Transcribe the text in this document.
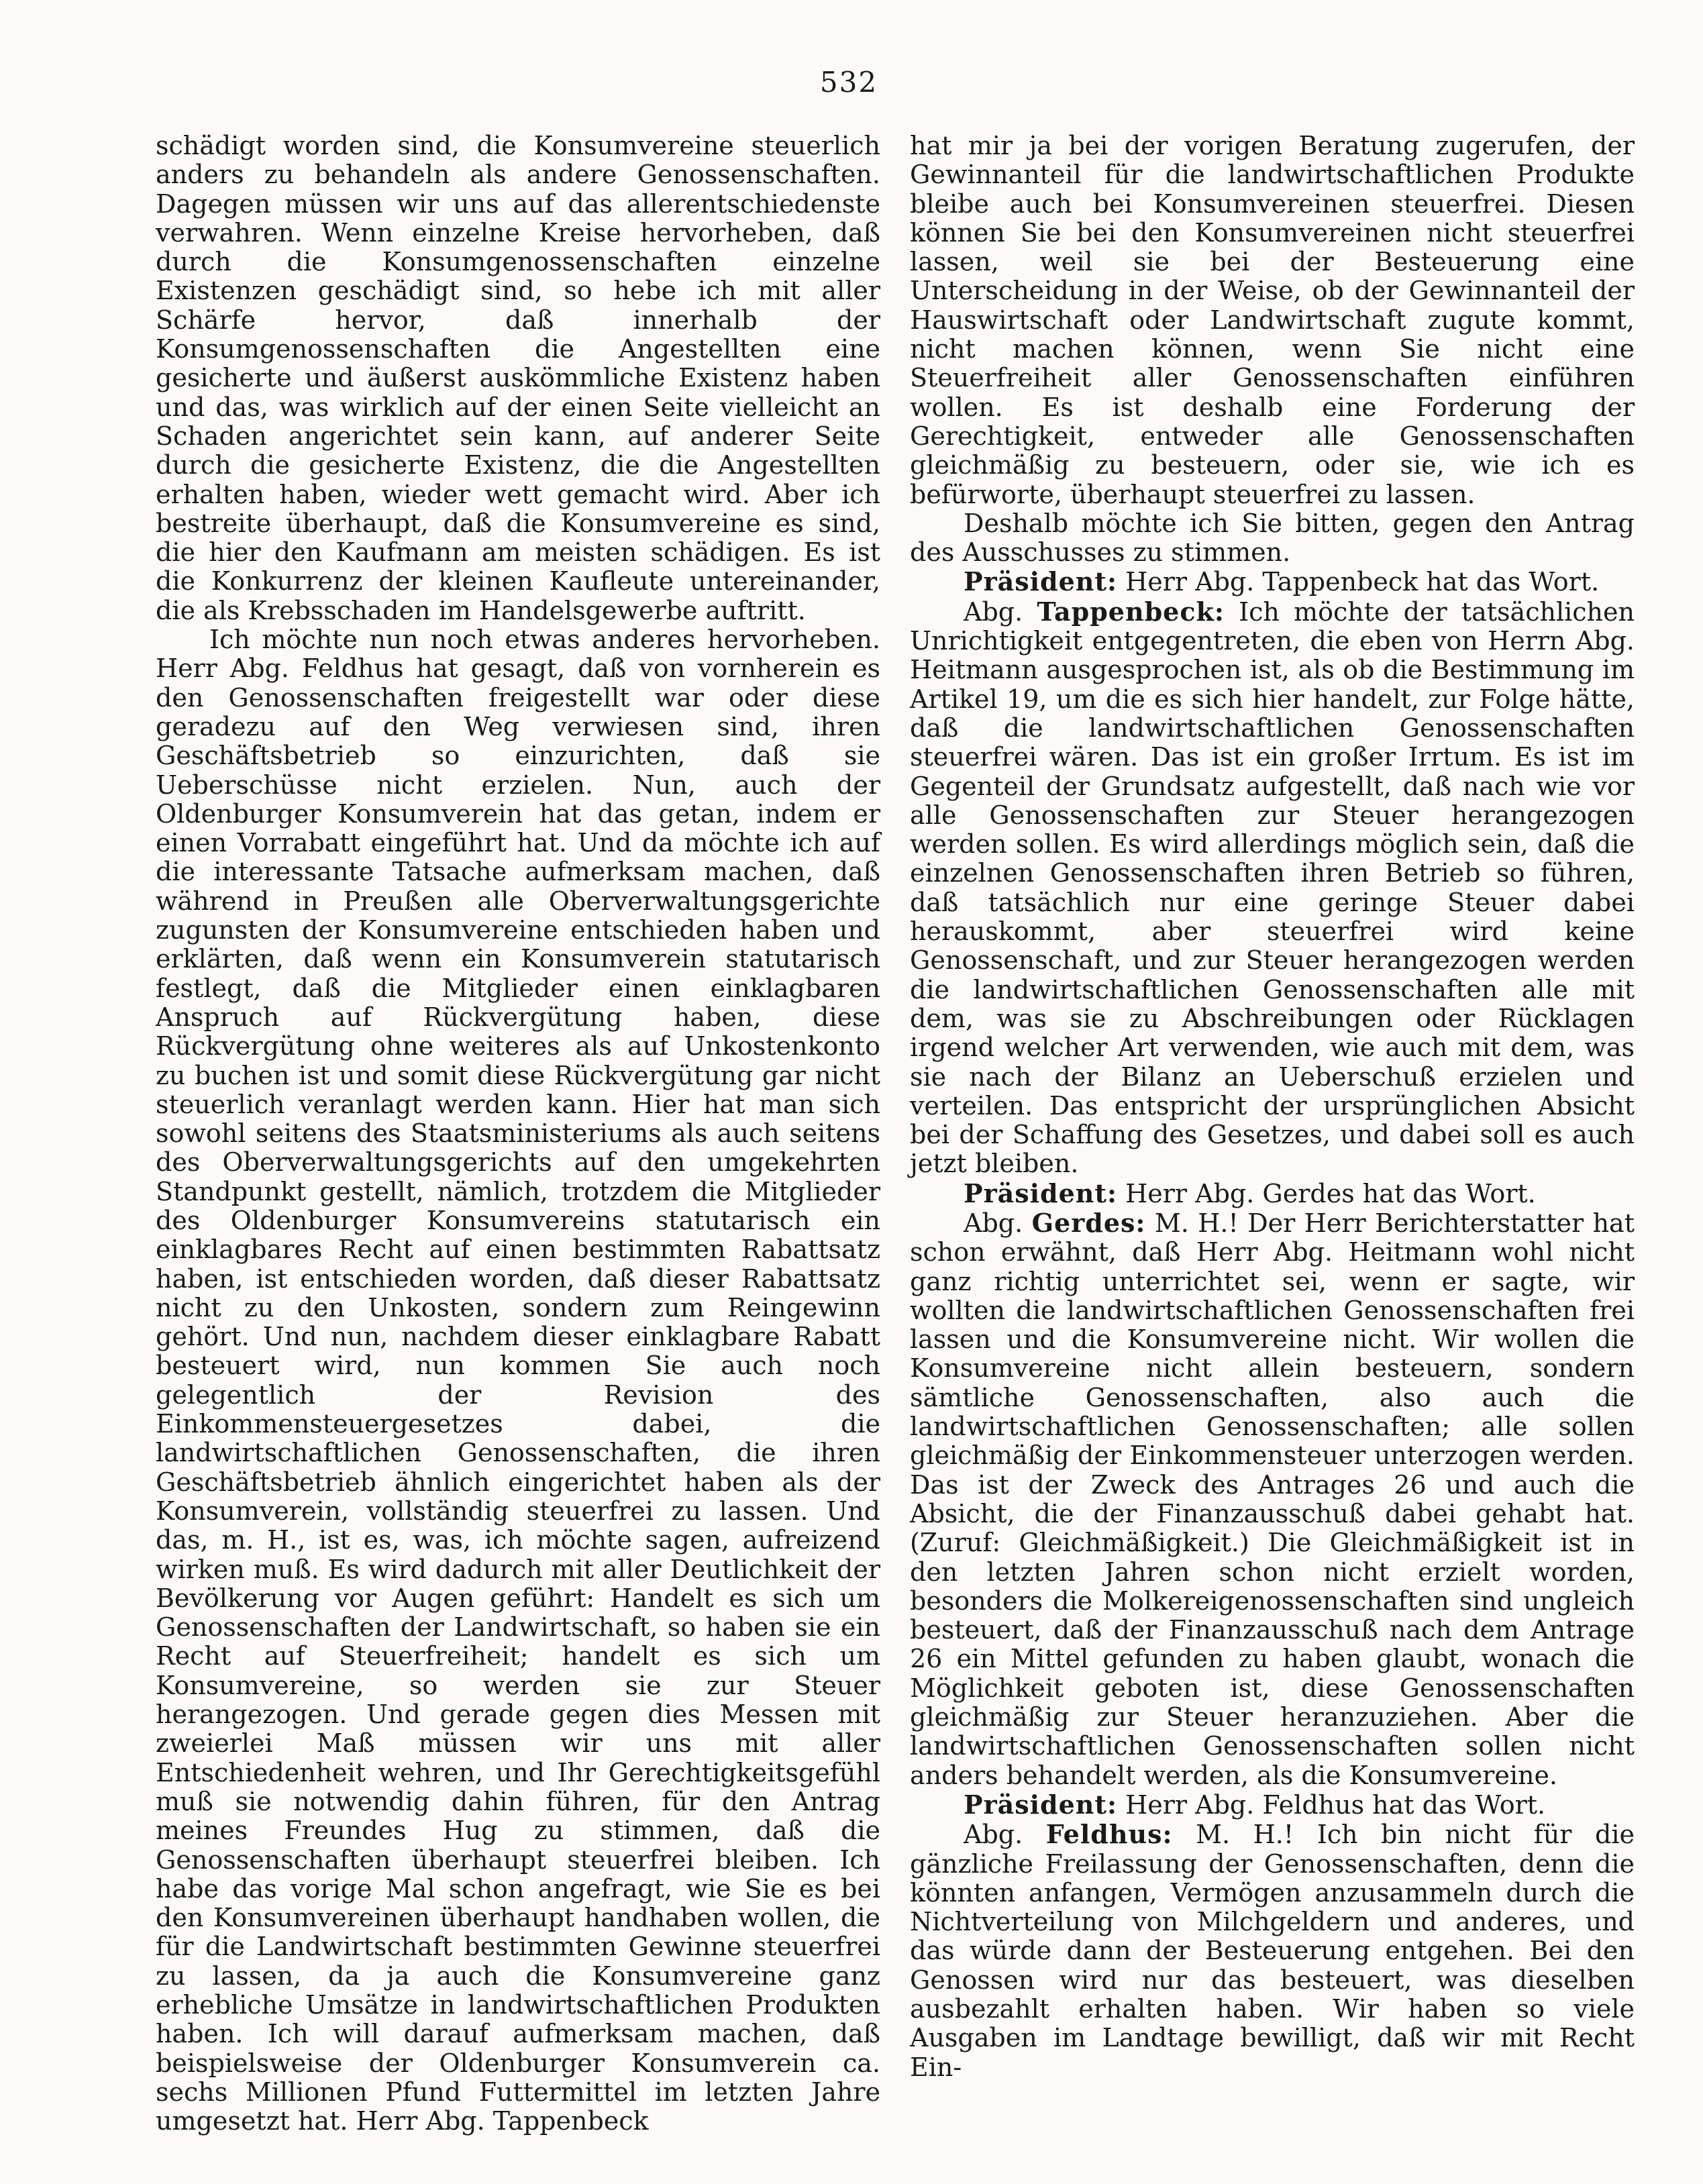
532

schädigt worden sind, die Konsumvereine steuerlich anders zu behandeln als andere Genossenschaften. Dagegen müssen wir uns auf das allerentschiedenste verwahren. Wenn einzelne Kreise hervorheben, daß durch die Konsumgenossenschaften einzelne Existenzen geschädigt sind, so hebe ich mit aller Schärfe hervor, daß innerhalb der Konsumgenossenschaften die Angestellten eine gesicherte und äußerst auskömmliche Existenz haben und das, was wirklich auf der einen Seite vielleicht an Schaden angerichtet sein kann, auf anderer Seite durch die gesicherte Existenz, die die Angestellten erhalten haben, wieder wett gemacht wird. Aber ich bestreite überhaupt, daß die Konsumvereine es sind, die hier den Kaufmann am meisten schädigen. Es ist die Konkurrenz der kleinen Kaufleute untereinander, die als Krebsschaden im Handelsgewerbe auftritt.

Ich möchte nun noch etwas anderes hervorheben. Herr Abg. Feldhus hat gesagt, daß von vornherein es den Genossenschaften freigestellt war oder diese geradezu auf den Weg verwiesen sind, ihren Geschäftsbetrieb so einzurichten, daß sie Ueberschüsse nicht erzielen. Nun, auch der Oldenburger Konsumverein hat das getan, indem er einen Vorrabatt eingeführt hat. Und da möchte ich auf die interessante Tatsache aufmerksam machen, daß während in Preußen alle Oberverwaltungsgerichte zugunsten der Konsumvereine entschieden haben und erklärten, daß wenn ein Konsumverein statutarisch festlegt, daß die Mitglieder einen einklagbaren Anspruch auf Rückvergütung haben, diese Rückvergütung ohne weiteres als auf Unkostenkonto zu buchen ist und somit diese Rückvergütung gar nicht steuerlich veranlagt werden kann. Hier hat man sich sowohl seitens des Staatsministeriums als auch seitens des Oberverwaltungsgerichts auf den umgekehrten Standpunkt gestellt, nämlich, trotzdem die Mitglieder des Oldenburger Konsumvereins statutarisch ein einklagbares Recht auf einen bestimmten Rabattsatz haben, ist entschieden worden, daß dieser Rabattsatz nicht zu den Unkosten, sondern zum Reingewinn gehört. Und nun, nachdem dieser einklagbare Rabatt besteuert wird, nun kommen Sie auch noch gelegentlich der Revision des Einkommensteuergesetzes dabei, die landwirtschaftlichen Genossenschaften, die ihren Geschäftsbetrieb ähnlich eingerichtet haben als der Konsumverein, vollständig steuerfrei zu lassen. Und das, m. H., ist es, was, ich möchte sagen, aufreizend wirken muß. Es wird dadurch mit aller Deutlichkeit der Bevölkerung vor Augen geführt: Handelt es sich um Genossenschaften der Landwirtschaft, so haben sie ein Recht auf Steuerfreiheit; handelt es sich um Konsumvereine, so werden sie zur Steuer herangezogen. Und gerade gegen dies Messen mit zweierlei Maß müssen wir uns mit aller Entschiedenheit wehren, und Ihr Gerechtigkeitsgefühl muß sie notwendig dahin führen, für den Antrag meines Freundes Hug zu stimmen, daß die Genossenschaften überhaupt steuerfrei bleiben. Ich habe das vorige Mal schon angefragt, wie Sie es bei den Konsumvereinen überhaupt handhaben wollen, die für die Landwirtschaft bestimmten Gewinne steuerfrei zu lassen, da ja auch die Konsumvereine ganz erhebliche Umsätze in landwirtschaftlichen Produkten haben. Ich will darauf aufmerksam machen, daß beispielsweise der Oldenburger Konsumverein ca. sechs Millionen Pfund Futtermittel im letzten Jahre umgesetzt hat. Herr Abg. Tappenbeck

hat mir ja bei der vorigen Beratung zugerufen, der Gewinnanteil für die landwirtschaftlichen Produkte bleibe auch bei Konsumvereinen steuerfrei. Diesen können Sie bei den Konsumvereinen nicht steuerfrei lassen, weil sie bei der Besteuerung eine Unterscheidung in der Weise, ob der Gewinnanteil der Hauswirtschaft oder Landwirtschaft zugute kommt, nicht machen können, wenn Sie nicht eine Steuerfreiheit aller Genossenschaften einführen wollen. Es ist deshalb eine Forderung der Gerechtigkeit, entweder alle Genossenschaften gleichmäßig zu besteuern, oder sie, wie ich es befürworte, überhaupt steuerfrei zu lassen.

Deshalb möchte ich Sie bitten, gegen den Antrag des Ausschusses zu stimmen.

Präsident: Herr Abg. Tappenbeck hat das Wort.

Abg. Tappenbeck: Ich möchte der tatsächlichen Unrichtigkeit entgegentreten, die eben von Herrn Abg. Heitmann ausgesprochen ist, als ob die Bestimmung im Artikel 19, um die es sich hier handelt, zur Folge hätte, daß die landwirtschaftlichen Genossenschaften steuerfrei wären. Das ist ein großer Irrtum. Es ist im Gegenteil der Grundsatz aufgestellt, daß nach wie vor alle Genossenschaften zur Steuer herangezogen werden sollen. Es wird allerdings möglich sein, daß die einzelnen Genossenschaften ihren Betrieb so führen, daß tatsächlich nur eine geringe Steuer dabei herauskommt, aber steuerfrei wird keine Genossenschaft, und zur Steuer herangezogen werden die landwirtschaftlichen Genossenschaften alle mit dem, was sie zu Abschreibungen oder Rücklagen irgend welcher Art verwenden, wie auch mit dem, was sie nach der Bilanz an Ueberschuß erzielen und verteilen. Das entspricht der ursprünglichen Absicht bei der Schaffung des Gesetzes, und dabei soll es auch jetzt bleiben.

Präsident: Herr Abg. Gerdes hat das Wort.

Abg. Gerdes: M. H.! Der Herr Berichterstatter hat schon erwähnt, daß Herr Abg. Heitmann wohl nicht ganz richtig unterrichtet sei, wenn er sagte, wir wollten die landwirtschaftlichen Genossenschaften frei lassen und die Konsumvereine nicht. Wir wollen die Konsumvereine nicht allein besteuern, sondern sämtliche Genossenschaften, also auch die landwirtschaftlichen Genossenschaften; alle sollen gleichmäßig der Einkommensteuer unterzogen werden. Das ist der Zweck des Antrages 26 und auch die Absicht, die der Finanzausschuß dabei gehabt hat. (Zuruf: Gleichmäßigkeit.) Die Gleichmäßigkeit ist in den letzten Jahren schon nicht erzielt worden, besonders die Molkereigenossenschaften sind ungleich besteuert, daß der Finanzausschuß nach dem Antrage 26 ein Mittel gefunden zu haben glaubt, wonach die Möglichkeit geboten ist, diese Genossenschaften gleichmäßig zur Steuer heranzuziehen. Aber die landwirtschaftlichen Genossenschaften sollen nicht anders behandelt werden, als die Konsumvereine.

Präsident: Herr Abg. Feldhus hat das Wort.

Abg. Feldhus: M. H.! Ich bin nicht für die gänzliche Freilassung der Genossenschaften, denn die könnten anfangen, Vermögen anzusammeln durch die Nichtverteilung von Milchgeldern und anderes, und das würde dann der Besteuerung entgehen. Bei den Genossen wird nur das besteuert, was dieselben ausbezahlt erhalten haben. Wir haben so viele Ausgaben im Landtage bewilligt, daß wir mit Recht Ein-
